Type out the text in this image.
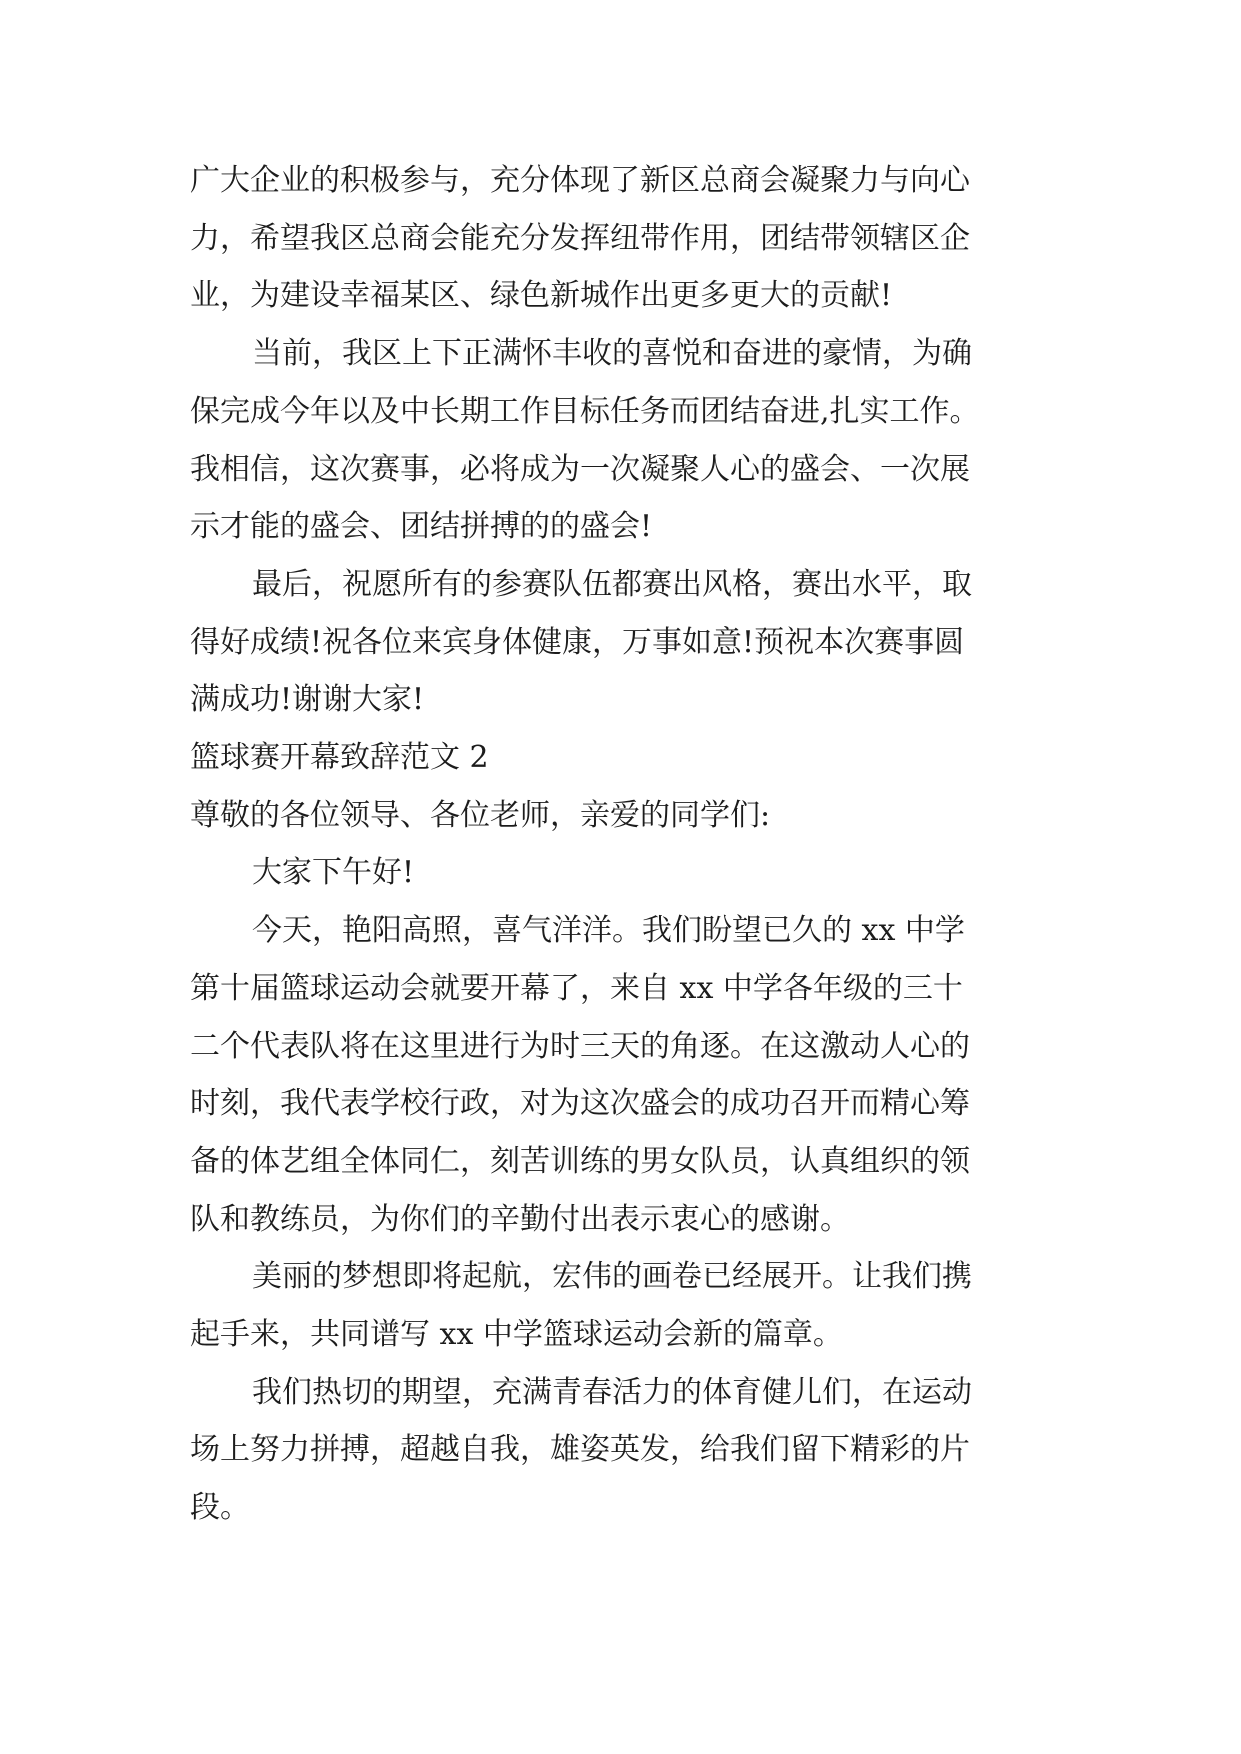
广大企业的积极参与，充分体现了新区总商会凝聚力与向心
力，希望我区总商会能充分发挥纽带作用，团结带领辖区企
业，为建设幸福某区、绿色新城作出更多更大的贡献!

当前，我区上下正满怀丰收的喜悦和奋进的豪情，为确
保完成今年以及中长期工作目标任务而团结奋进,扎实工作。
我相信，这次赛事，必将成为一次凝聚人心的盛会、一次展
示才能的盛会、团结拼搏的的盛会!

最后，祝愿所有的参赛队伍都赛出风格，赛出水平，取
得好成绩!祝各位来宾身体健康，万事如意!预祝本次赛事圆
满成功!谢谢大家!

篮球赛开幕致辞范文 2

尊敬的各位领导、各位老师，亲爱的同学们:

大家下午好!

今天，艳阳高照，喜气洋洋。我们盼望已久的 xx 中学
第十届篮球运动会就要开幕了，来自 xx 中学各年级的三十
二个代表队将在这里进行为时三天的角逐。在这激动人心的
时刻，我代表学校行政，对为这次盛会的成功召开而精心筹
备的体艺组全体同仁，刻苦训练的男女队员，认真组织的领
队和教练员，为你们的辛勤付出表示衷心的感谢。

美丽的梦想即将起航，宏伟的画卷已经展开。让我们携
起手来，共同谱写 xx 中学篮球运动会新的篇章。

我们热切的期望，充满青春活力的体育健儿们，在运动
场上努力拼搏，超越自我，雄姿英发，给我们留下精彩的片
段。
